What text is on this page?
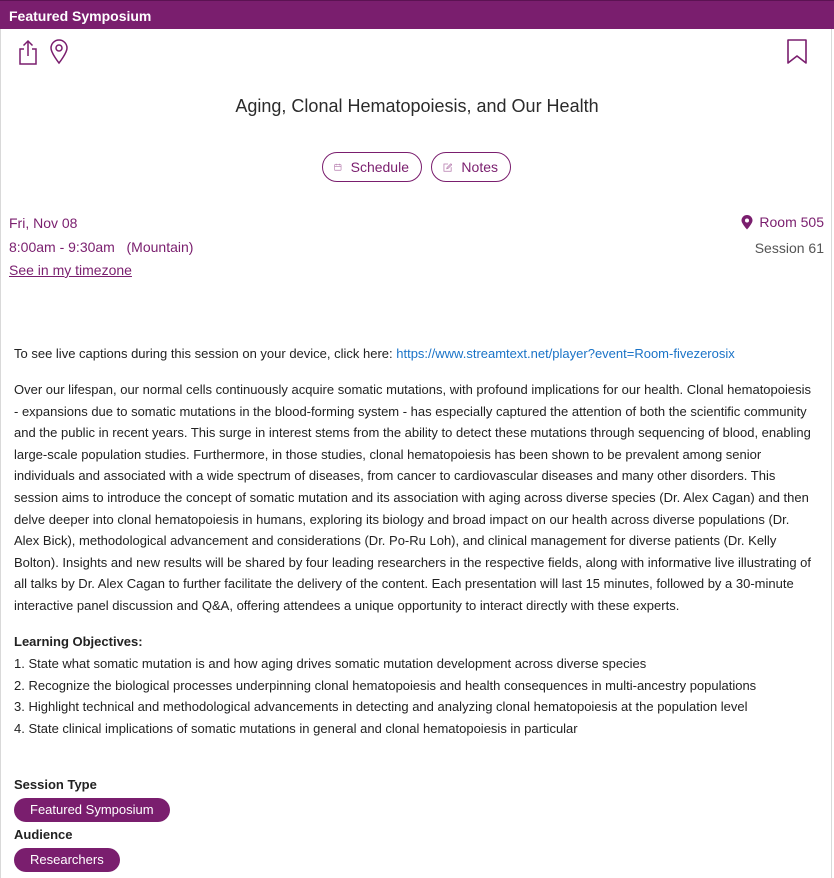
Featured Symposium
Aging, Clonal Hematopoiesis, and Our Health
Schedule	Notes
Fri, Nov 08
8:00am - 9:30am (Mountain)
See in my timezone
Room 505
Session 61
To see live captions during this session on your device, click here: https://www.streamtext.net/player?event=Room-fivezerosix
Over our lifespan, our normal cells continuously acquire somatic mutations, with profound implications for our health. Clonal hematopoiesis - expansions due to somatic mutations in the blood-forming system - has especially captured the attention of both the scientific community and the public in recent years. This surge in interest stems from the ability to detect these mutations through sequencing of blood, enabling large-scale population studies. Furthermore, in those studies, clonal hematopoiesis has been shown to be prevalent among senior individuals and associated with a wide spectrum of diseases, from cancer to cardiovascular diseases and many other disorders. This session aims to introduce the concept of somatic mutation and its association with aging across diverse species (Dr. Alex Cagan) and then delve deeper into clonal hematopoiesis in humans, exploring its biology and broad impact on our health across diverse populations (Dr. Alex Bick), methodological advancement and considerations (Dr. Po-Ru Loh), and clinical management for diverse patients (Dr. Kelly Bolton). Insights and new results will be shared by four leading researchers in the respective fields, along with informative live illustrating of all talks by Dr. Alex Cagan to further facilitate the delivery of the content. Each presentation will last 15 minutes, followed by a 30-minute interactive panel discussion and Q&A, offering attendees a unique opportunity to interact directly with these experts.
Learning Objectives:
1. State what somatic mutation is and how aging drives somatic mutation development across diverse species
2. Recognize the biological processes underpinning clonal hematopoiesis and health consequences in multi-ancestry populations
3. Highlight technical and methodological advancements in detecting and analyzing clonal hematopoiesis at the population level
4. State clinical implications of somatic mutations in general and clonal hematopoiesis in particular
Session Type
Featured Symposium
Audience
Researchers
